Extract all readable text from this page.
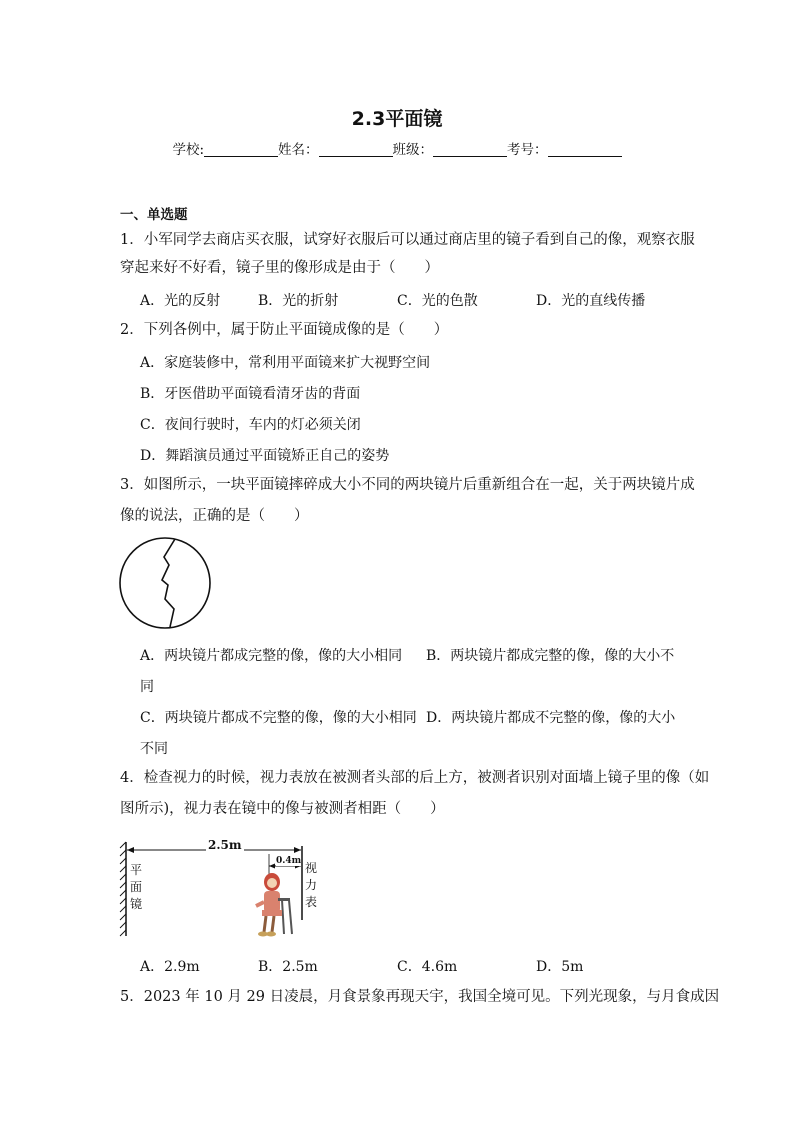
2.3平面镜
学校:	姓名：	班级：	考号：
一、单选题
1．小军同学去商店买衣服，试穿好衣服后可以通过商店里的镜子看到自己的像，观察衣服
穿起来好不好看，镜子里的像形成是由于（　　）
A．光的反射	B．光的折射	C．光的色散	D．光的直线传播
2．下列各例中，属于防止平面镜成像的是（　　）
A．家庭装修中，常利用平面镜来扩大视野空间
B．牙医借助平面镜看清牙齿的背面
C．夜间行驶时，车内的灯必须关闭
D．舞蹈演员通过平面镜矫正自己的姿势
3．如图所示，一块平面镜摔碎成大小不同的两块镜片后重新组合在一起，关于两块镜片成
像的说法，正确的是（　　）
A．两块镜片都成完整的像，像的大小相同 B．两块镜片都成完整的像，像的大小不
同
C．两块镜片都成不完整的像，像的大小相同 D．两块镜片都成不完整的像，像的大小
不同
4．检查视力的时候，视力表放在被测者头部的后上方，被测者识别对面墙上镜子里的像（如
图所示)，视力表在镜中的像与被测者相距（　　）
2.5m
0.4m
平
面
镜
视
力
表
A．2.9m	B．2.5m	C．4.6m	D．5m
5．2023 年 10 月 29 日凌晨，月食景象再现天宇，我国全境可见。下列光现象，与月食成因
